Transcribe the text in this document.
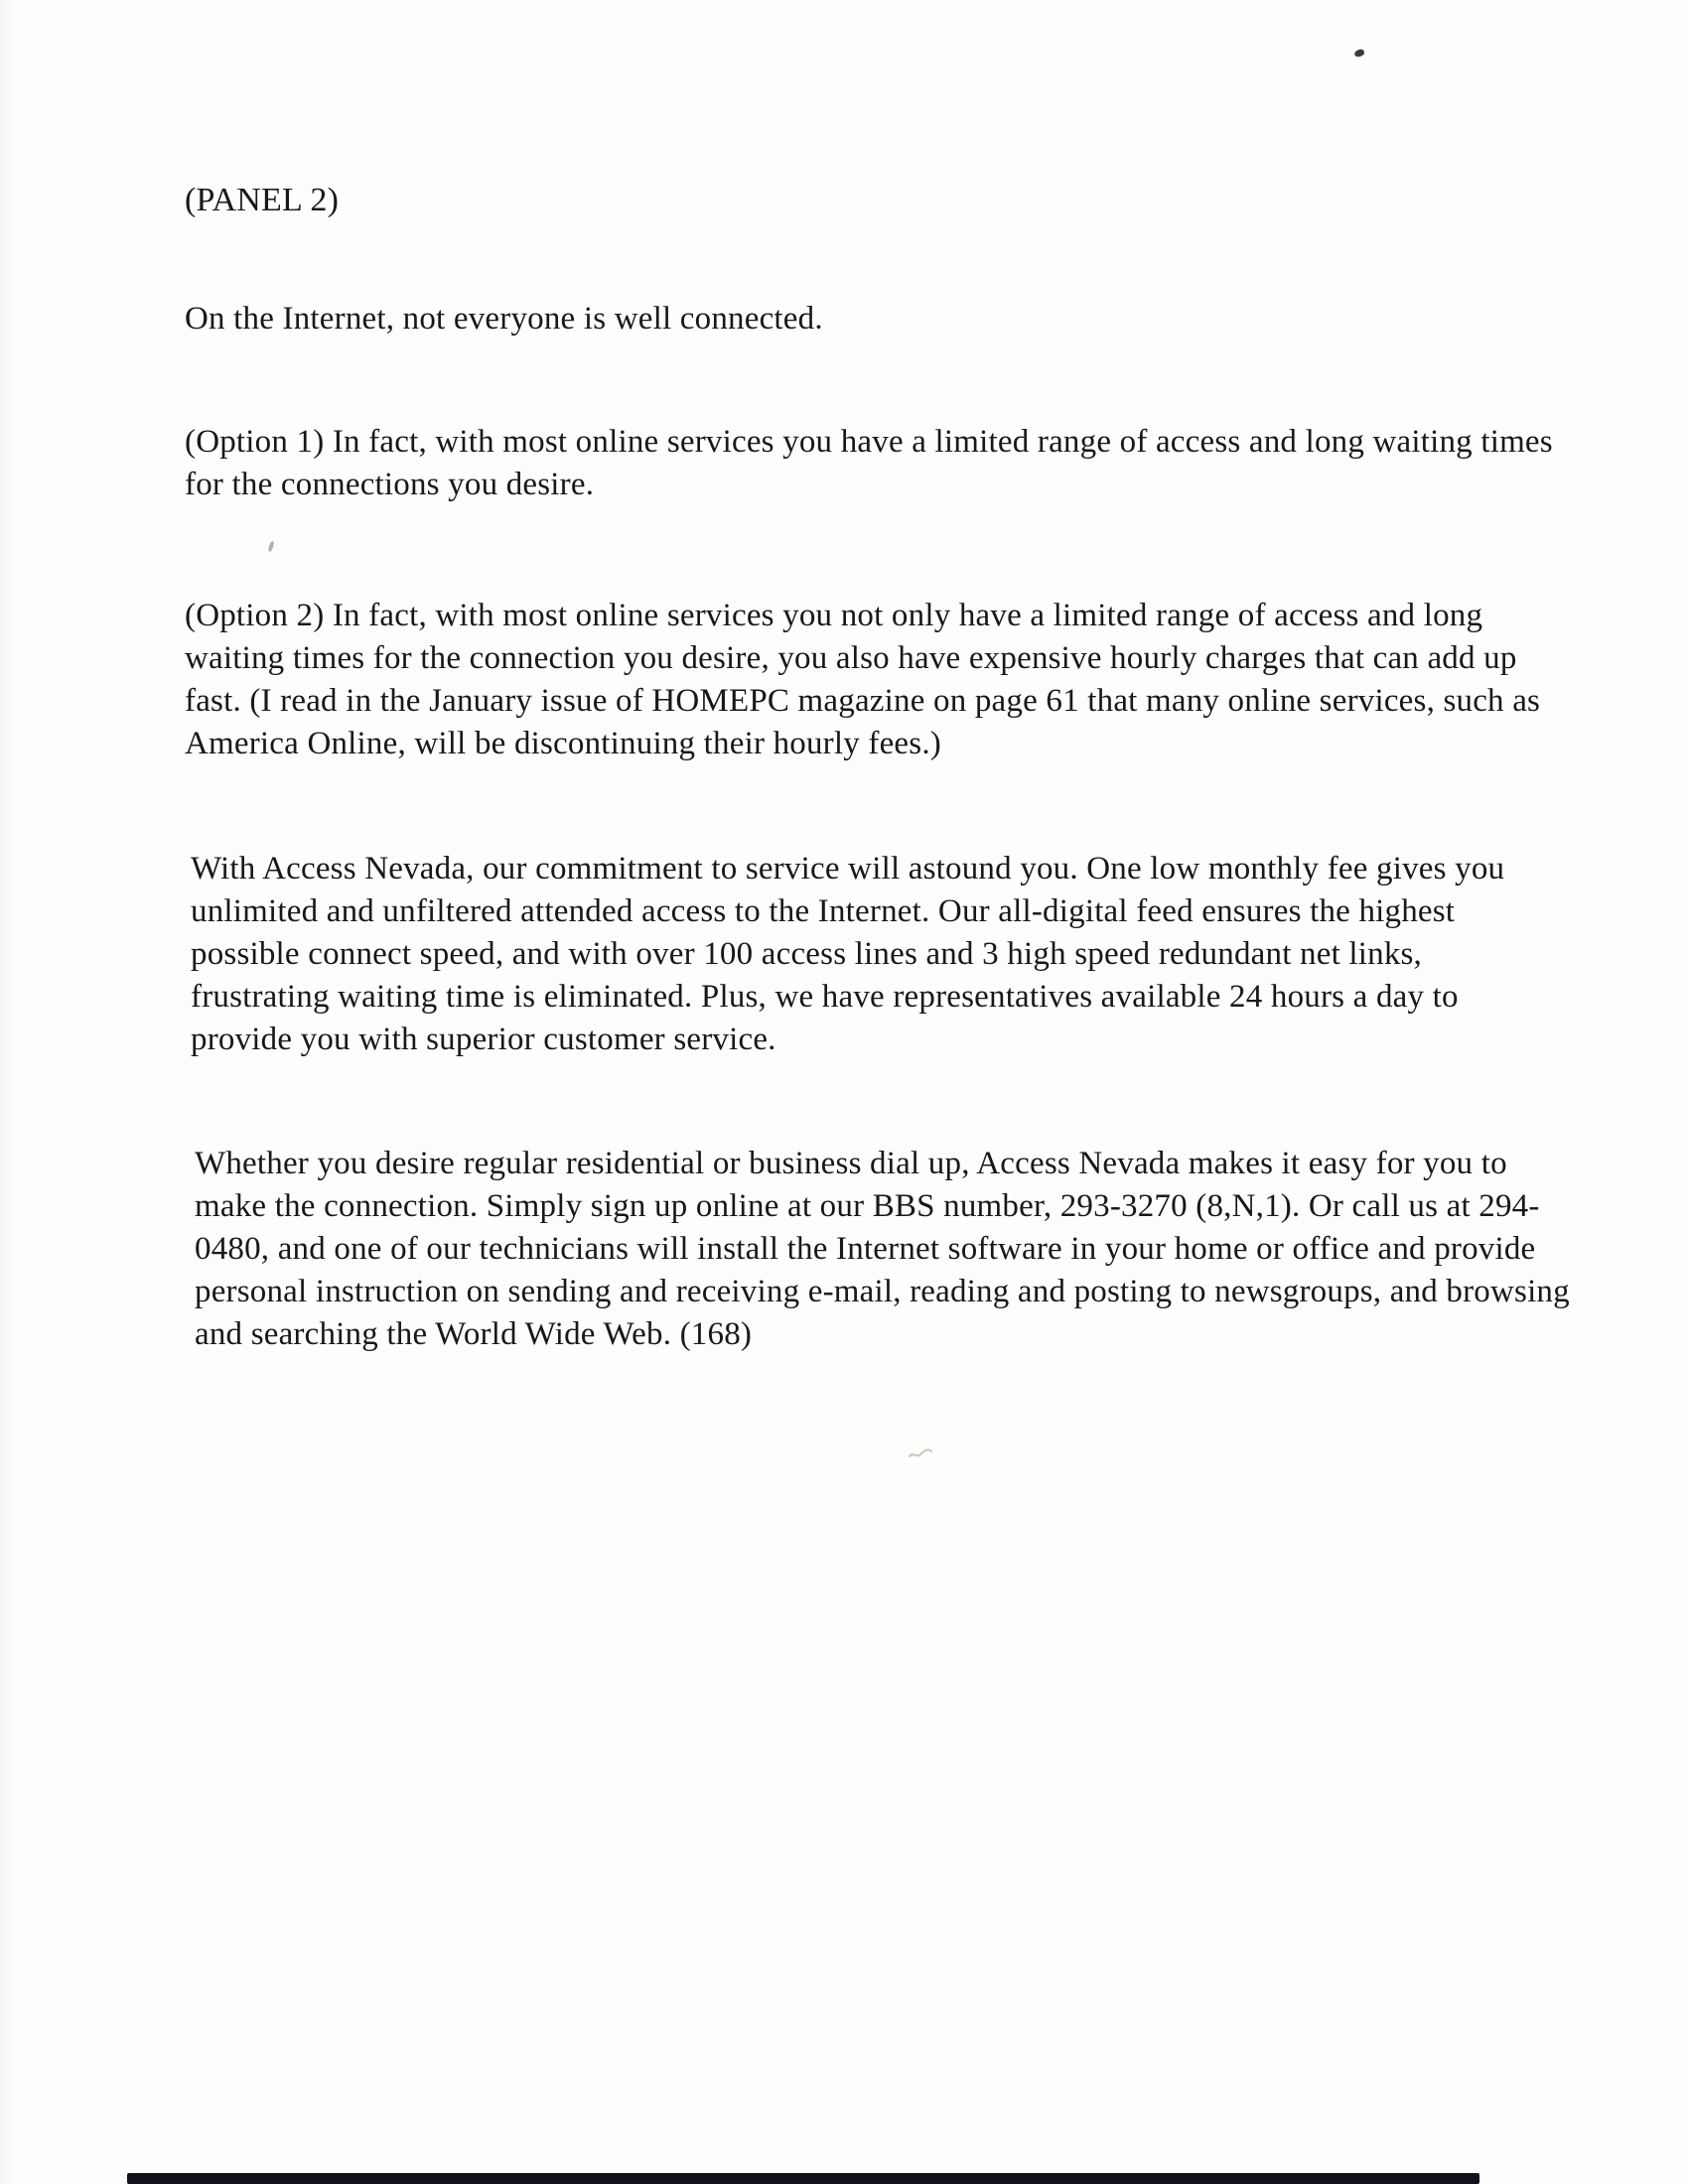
(PANEL 2)
On the Internet, not everyone is well connected.
(Option 1) In fact, with most online services you have a limited range of access and long waiting times for the connections you desire.
(Option 2) In fact, with most online services you not only have a limited range of access and long waiting times for the connection you desire, you also have expensive hourly charges that can add up fast. (I read in the January issue of HOMEPC magazine on page 61 that many online services, such as America Online, will be discontinuing their hourly fees.)
With Access Nevada, our commitment to service will astound you. One low monthly fee gives you unlimited and unfiltered attended access to the Internet. Our all-digital feed ensures the highest possible connect speed, and with over 100 access lines and 3 high speed redundant net links, frustrating waiting time is eliminated. Plus, we have representatives available 24 hours a day to provide you with superior customer service.
Whether you desire regular residential or business dial up, Access Nevada makes it easy for you to make the connection. Simply sign up online at our BBS number, 293-3270 (8,N,1). Or call us at 294-0480, and one of our technicians will install the Internet software in your home or office and provide personal instruction on sending and receiving e-mail, reading and posting to newsgroups, and browsing and searching the World Wide Web. (168)
